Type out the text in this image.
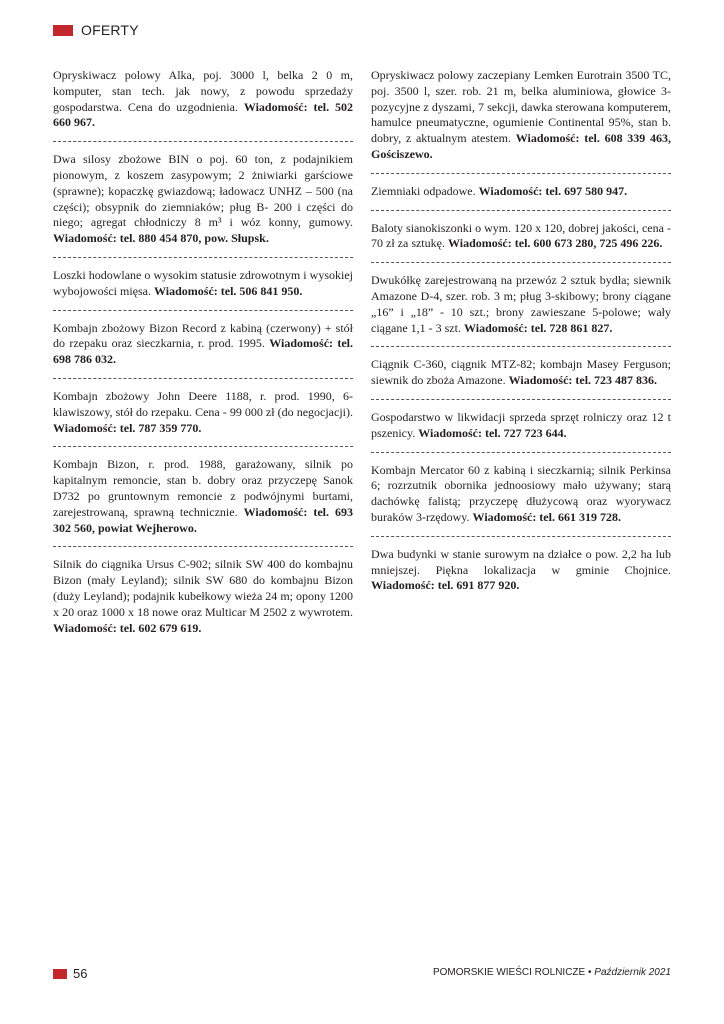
OFERTY

Opryskiwacz polowy Alka, poj. 3000 l, belka 2 0 m, komputer, stan tech. jak nowy, z powodu sprzedaży gospodarstwa. Cena do uzgodnienia. Wiadomość: tel. 502 660 967.

Dwa silosy zbożowe BIN o poj. 60 ton, z podajnikiem pionowym, z koszem zasypowym; 2 żniwiarki garściowe (sprawne); kopaczkę gwiazdową; ładowacz UNHZ – 500 (na części); obsypnik do ziemniaków; pług B- 200 i części do niego; agregat chłodniczy 8 m³ i wóz konny, gumowy. Wiadomość: tel. 880 454 870, pow. Słupsk.

Loszki hodowlane o wysokim statusie zdrowotnym i wysokiej wybojowości mięsa. Wiadomość: tel. 506 841 950.

Kombajn zbożowy Bizon Record z kabiną (czerwony) + stół do rzepaku oraz sieczkarnia, r. prod. 1995. Wiadomość: tel. 698 786 032.

Kombajn zbożowy John Deere 1188, r. prod. 1990, 6-klawiszowy, stół do rzepaku. Cena - 99 000 zł (do negocjacji). Wiadomość: tel. 787 359 770.

Kombajn Bizon, r. prod. 1988, garażowany, silnik po kapitalnym remoncie, stan b. dobry oraz przyczepę Sanok D732 po gruntownym remoncie z podwójnymi burtami, zarejestrowaną, sprawną technicznie. Wiadomość: tel. 693 302 560, powiat Wejherowo.

Silnik do ciągnika Ursus C-902; silnik SW 400 do kombajnu Bizon (mały Leyland); silnik SW 680 do kombajnu Bizon (duży Leyland); podajnik kubełkowy wieża 24 m; opony 1200 x 20 oraz 1000 x 18 nowe oraz Multicar M 2502 z wywrotem. Wiadomość: tel. 602 679 619.

Opryskiwacz polowy zaczepiany Lemken Eurotrain 3500 TC, poj. 3500 l, szer. rob. 21 m, belka aluminiowa, głowice 3-pozycyjne z dyszami, 7 sekcji, dawka sterowana komputerem, hamulce pneumatyczne, ogumienie Continental 95%, stan b. dobry, z aktualnym atestem. Wiadomość: tel. 608 339 463, Gościszewo.

Ziemniaki odpadowe. Wiadomość: tel. 697 580 947.

Baloty sianokiszonki o wym. 120 x 120, dobrej jakości, cena - 70 zł za sztukę. Wiadomość: tel. 600 673 280, 725 496 226.

Dwukółkę zarejestrowaną na przewóz 2 sztuk bydła; siewnik Amazone D-4, szer. rob. 3 m; pług 3-skibowy; brony ciągane „16” i „18” - 10 szt.; brony zawieszane 5-polowe; wały ciągane 1,1 - 3 szt. Wiadomość: tel. 728 861 827.

Ciągnik C-360, ciągnik MTZ-82; kombajn Masey Ferguson; siewnik do zboża Amazone. Wiadomość: tel. 723 487 836.

Gospodarstwo w likwidacji sprzeda sprzęt rolniczy oraz 12 t pszenicy. Wiadomość: tel. 727 723 644.

Kombajn Mercator 60 z kabiną i sieczkarnią; silnik Perkinsa 6; rozrzutnik obornika jednoosiowy mało używany; starą dachówkę falistą; przyczepę dłużycową oraz wyorywacz buraków 3-rzędowy. Wiadomość: tel. 661 319 728.

Dwa budynki w stanie surowym na działce o pow. 2,2 ha lub mniejszej. Piękna lokalizacja w gminie Chojnice. Wiadomość: tel. 691 877 920.

56	POMORSKIE WIEŚCI ROLNICZE • Październik 2021
